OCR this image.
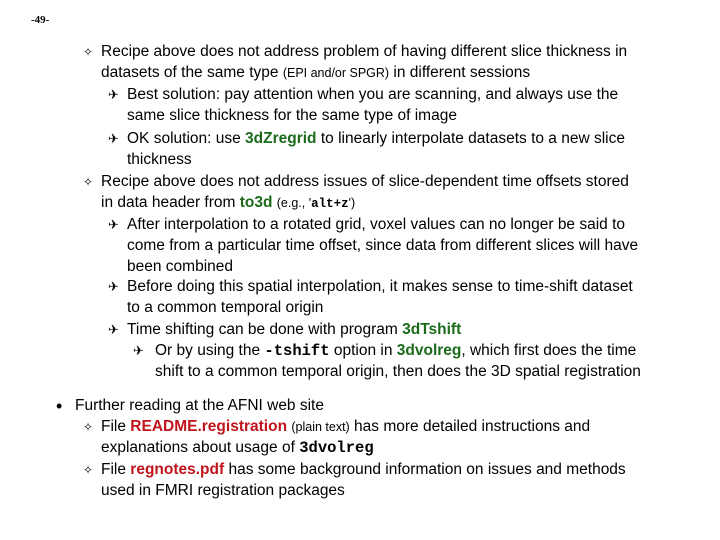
-49-
✧ Recipe above does not address problem of having different slice thickness in
datasets of the same type (EPI and/or SPGR) in different sessions
✈ Best solution: pay attention when you are scanning, and always use the
same slice thickness for the same type of image
✈ OK solution: use 3dZregrid to linearly interpolate datasets to a new slice
thickness
✧ Recipe above does not address issues of slice-dependent time offsets stored
in data header from to3d (e.g., 'alt+z')
✈ After interpolation to a rotated grid, voxel values can no longer be said to
come from a particular time offset, since data from different slices will have
been combined
✈ Before doing this spatial interpolation, it makes sense to time-shift dataset
to a common temporal origin
✈ Time shifting can be done with program 3dTshift
✈ Or by using the -tshift option in 3dvolreg, which first does the time
shift to a common temporal origin, then does the 3D spatial registration
• Further reading at the AFNI web site
✧ File README.registration (plain text) has more detailed instructions and
explanations about usage of 3dvolreg
✧ File regnotes.pdf has some background information on issues and methods
used in FMRI registration packages
